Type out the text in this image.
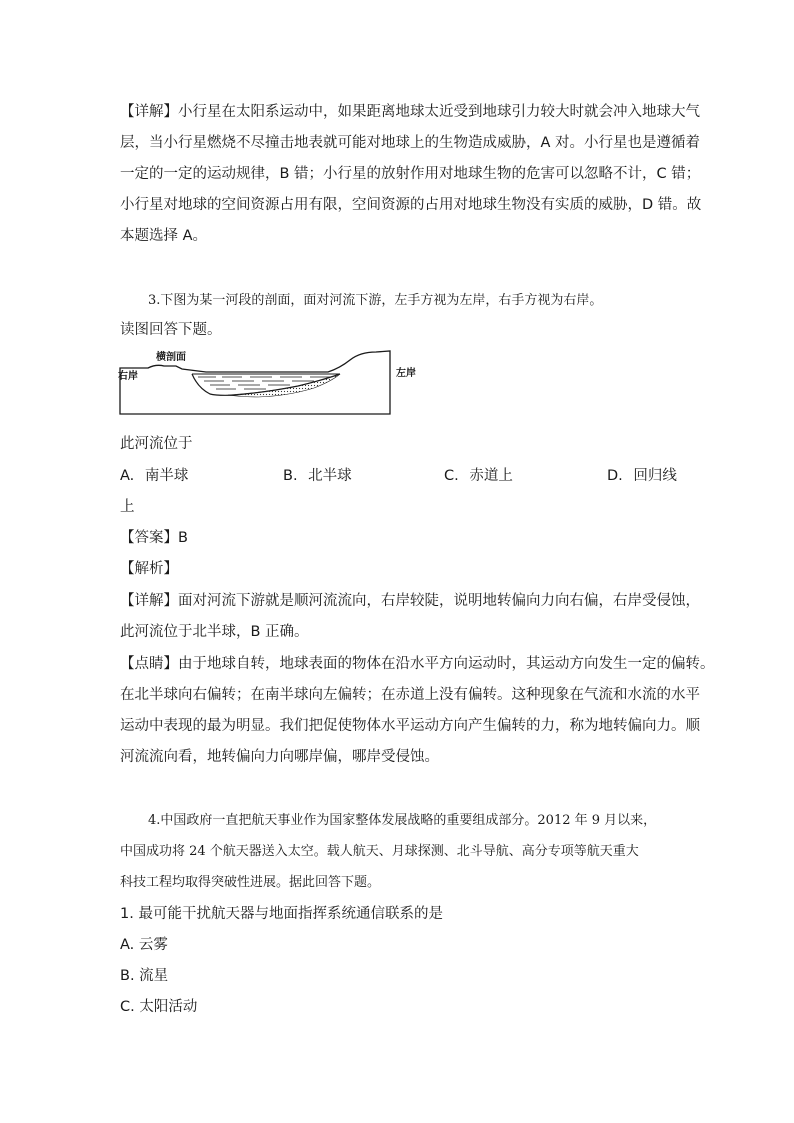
【详解】小行星在太阳系运动中，如果距离地球太近受到地球引力较大时就会冲入地球大气
层，当小行星燃烧不尽撞击地表就可能对地球上的生物造成威胁，A 对。小行星也是遵循着
一定的一定的运动规律，B 错；小行星的放射作用对地球生物的危害可以忽略不计，C 错；
小行星对地球的空间资源占用有限，空间资源的占用对地球生物没有实质的威胁，D 错。故
本题选择 A。
3.下图为某一河段的剖面，面对河流下游，左手方视为左岸，右手方视为右岸。
读图回答下题。
横剖面
右岸	左岸
此河流位于
A. 南半球	B. 北半球	C. 赤道上	D. 回归线
上
【答案】B
【解析】
【详解】面对河流下游就是顺河流流向，右岸较陡，说明地转偏向力向右偏，右岸受侵蚀，
此河流位于北半球，B 正确。
【点睛】由于地球自转，地球表面的物体在沿水平方向运动时，其运动方向发生一定的偏转。
在北半球向右偏转；在南半球向左偏转；在赤道上没有偏转。这种现象在气流和水流的水平
运动中表现的最为明显。我们把促使物体水平运动方向产生偏转的力，称为地转偏向力。顺
河流流向看，地转偏向力向哪岸偏，哪岸受侵蚀。
4.中国政府一直把航天事业作为国家整体发展战略的重要组成部分。2012 年 9 月以来，
中国成功将 24 个航天器送入太空。载人航天、月球探测、北斗导航、高分专项等航天重大
科技工程均取得突破性进展。据此回答下题。
1. 最可能干扰航天器与地面指挥系统通信联系的是
A. 云雾
B. 流星
C. 太阳活动
